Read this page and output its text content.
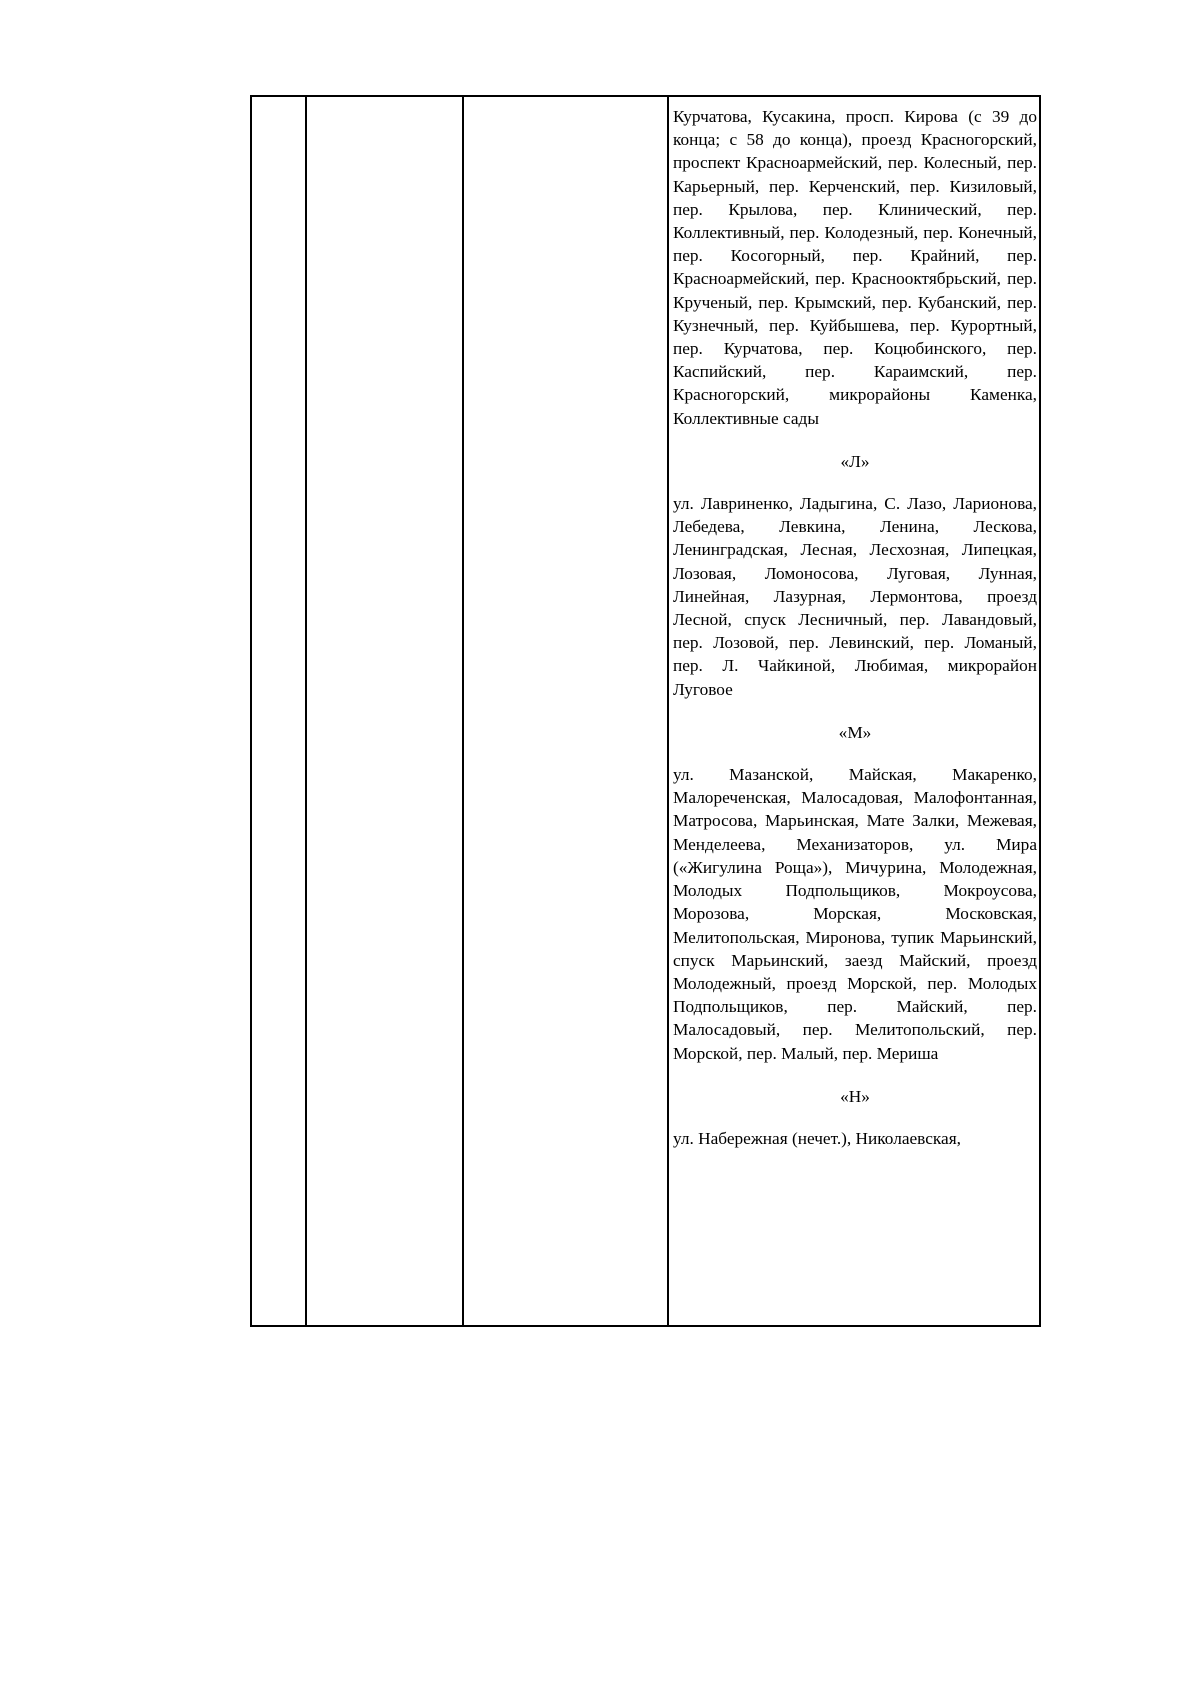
Курчатова, Кусакина, просп. Кирова (с 39 до конца; с 58 до конца), проезд Красногорский, проспект Красноармейский, пер. Колесный, пер. Карьерный, пер. Керченский, пер. Кизиловый, пер. Крылова, пер. Клинический, пер. Коллективный, пер. Колодезный, пер. Конечный, пер. Косогорный, пер. Крайний, пер. Красноармейский, пер. Краснооктябрьский, пер. Крученый, пер. Крымский, пер. Кубанский, пер. Кузнечный, пер. Куйбышева, пер. Курортный, пер. Курчатова, пер. Коцюбинского, пер. Каспийский, пер. Караимский, пер. Красногорский, микрорайоны Каменка, Коллективные сады

«Л»

ул. Лавриненко, Ладыгина, С. Лазо, Ларионова, Лебедева, Левкина, Ленина, Лескова, Ленинградская, Лесная, Лесхозная, Липецкая, Лозовая, Ломоносова, Луговая, Лунная, Линейная, Лазурная, Лермонтова, проезд Лесной, спуск Лесничный, пер. Лавандовый, пер. Лозовой, пер. Левинский, пер. Ломаный, пер. Л. Чайкиной, Любимая, микрорайон Луговое

«М»

ул. Мазанской, Майская, Макаренко, Малореченская, Малосадовая, Малофонтанная, Матросова, Марьинская, Мате Залки, Межевая, Менделеева, Механизаторов, ул. Мира («Жигулина Роща»), Мичурина, Молодежная, Молодых Подпольщиков, Мокроусова, Морозова, Морская, Московская, Мелитопольская, Миронова, тупик Марьинский, спуск Марьинский, заезд Майский, проезд Молодежный, проезд Морской, пер. Молодых Подпольщиков, пер. Майский, пер. Малосадовый, пер. Мелитопольский, пер. Морской, пер. Малый, пер. Мериша

«Н»

ул. Набережная (нечет.), Николаевская,
